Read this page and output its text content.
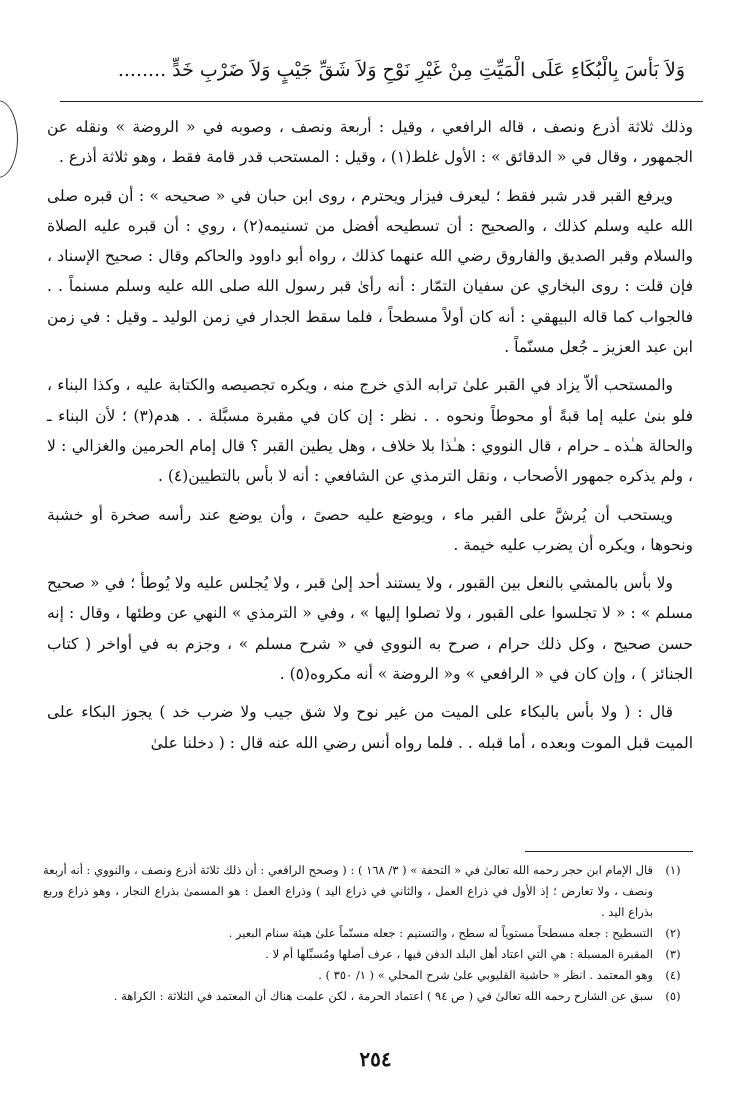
وَلاَ بَأْسَ بِالْبُكَاءِ عَلَى الْمَيِّتِ مِنْ غَيْرِ نَوْحٍ وَلاَ شَقِّ جَيْبٍ وَلاَ ضَرْبِ خَدٍّ ........

وذلك ثلاثة أذرع ونصف ، قاله الرافعي ، وقيل : أربعة ونصف ، وصوبه في « الروضة » ونقله عن الجمهور ، وقال في « الدقائق » : الأول غلط(١) ، وقيل : المستحب قدر قامة فقط ، وهو ثلاثة أذرع .

ويرفع القبر قدر شبر فقط ؛ ليعرف فيزار ويحترم ، روى ابن حبان في « صحيحه » : أن قبره صلى الله عليه وسلم كذلك ، والصحيح : أن تسطيحه أفضل من تسنيمه(٢) ، روي : أن قبره عليه الصلاة والسلام وقبر الصديق والفاروق رضي الله عنهما كذلك ، رواه أبو داوود والحاكم وقال : صحيح الإسناد ، فإن قلت : روى البخاري عن سفيان التمّار : أنه رأىٰ قبر رسول الله صلى الله عليه وسلم مسنماً . . فالجواب كما قاله البيهقي : أنه كان أولاً مسطحاً ، فلما سقط الجدار في زمن الوليد ـ وقيل : في زمن ابن عبد العزيز ـ جُعل مسنّماً .

والمستحب ألاّ يزاد في القبر علىٰ ترابه الذي خرج منه ، ويكره تجصيصه والكتابة عليه ، وكذا البناء ، فلو بنىٰ عليه إما قبةً أو محوطاً ونحوه . . نظر : إن كان في مقبرة مسبَّلة . . هدم(٣) ؛ لأن البناء ـ والحالة هـٰذه ـ حرام ، قال النووي : هـٰذا بلا خلاف ، وهل يطين القبر ؟ قال إمام الحرمين والغزالي : لا ، ولم يذكره جمهور الأصحاب ، ونقل الترمذي عن الشافعي : أنه لا بأس بالتطيين(٤) .

ويستحب أن يُرشَّ على القبر ماء ، ويوضع عليه حصىً ، وأن يوضع عند رأسه صخرة أو خشبة ونحوها ، ويكره أن يضرب عليه خيمة .

ولا بأس بالمشي بالنعل بين القبور ، ولا يستند أحد إلىٰ قبر ، ولا يُجلس عليه ولا يُوطأ ؛ في « صحيح مسلم » : « لا تجلسوا على القبور ، ولا تصلوا إليها » ، وفي « الترمذي » النهي عن وطئها ، وقال : إنه حسن صحيح ، وكل ذلك حرام ، صرح به النووي في « شرح مسلم » ، وجزم به في أواخر ( كتاب الجنائز ) ، وإن كان في « الرافعي » و« الروضة » أنه مكروه(٥) .

قال : ( ولا بأس بالبكاء على الميت من غير نوح ولا شق جيب ولا ضرب خد ) يجوز البكاء على الميت قبل الموت وبعده ، أما قبله . . فلما رواه أنس رضي الله عنه قال : ( دخلنا علىٰ

(١)
قال الإمام ابن حجر رحمه الله تعالىٰ في « التحفة » ( ٣/ ١٦٨ ) : ( وصحح الرافعي : أن ذلك ثلاثة أذرع ونصف ، والنووي : أنه أربعة ونصف ، ولا تعارض ؛ إذ الأول في ذراع العمل ، والثاني في ذراع اليد ) وذراع العمل : هو المسمىٰ بذراع النجار ، وهو ذراع وربع بذراع اليد .
(٢)
التسطيح : جعله مسطحاً مستوياً له سطح ، والتسنيم : جعله مسنّماً علىٰ هيئة سنام البعير .
(٣)
المقبرة المسبلة : هي التي اعتاد أهل البلد الدفن فيها ، عرف أصلها ومُسبِّلها أم لا .
(٤)
وهو المعتمد . انظر « حاشية القليوبي علىٰ شرح المحلي » ( ١/ ٣٥٠ ) .
(٥)
سبق عن الشارح رحمه الله تعالىٰ في ( ص ٩٤ ) اعتماد الحرمة ، لكن علمت هناك أن المعتمد في الثلاثة : الكراهة .
٢٥٤
